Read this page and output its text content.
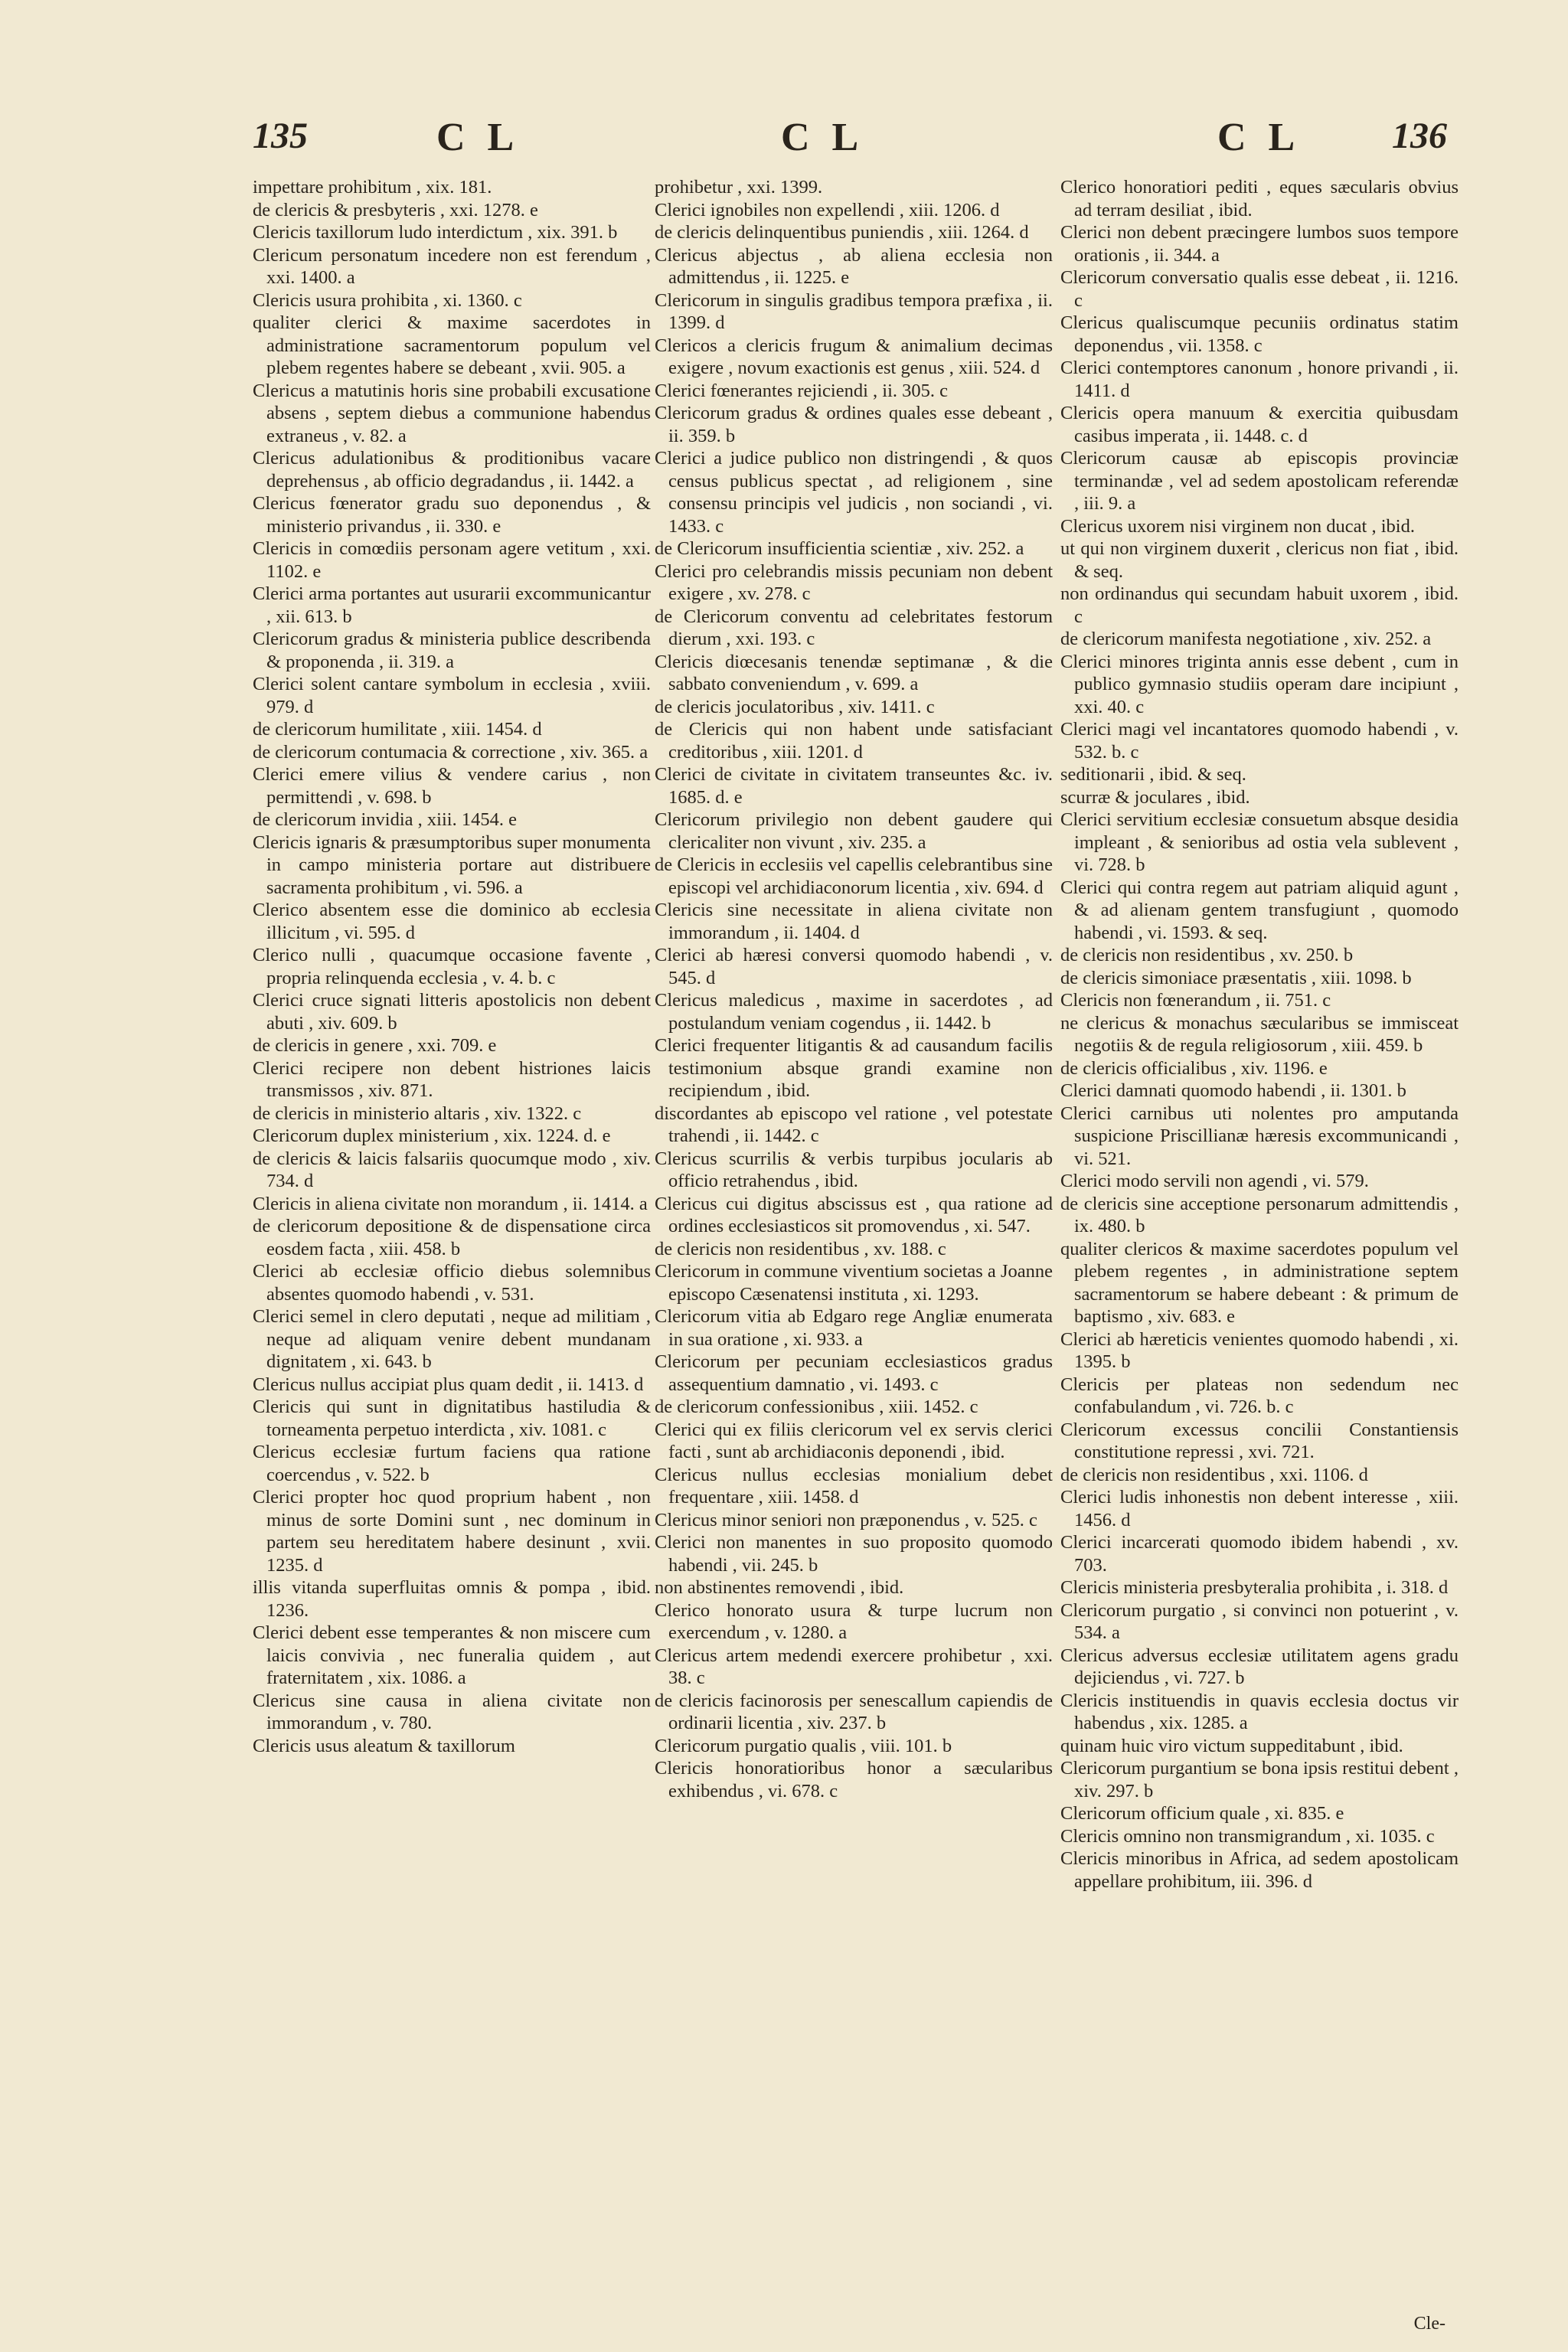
135	C L	C L	C L 136

impettare prohibitum , xix. 181.

de clericis & presbyteris , xxi. 1278. e

Clericis taxillorum ludo interdictum , xix. 391. b

Clericum personatum incedere non est ferendum , xxi. 1400. a

Clericis usura prohibita , xi. 1360. c

qualiter clerici & maxime sacerdotes in administratione sacramentorum populum vel plebem regentes habere se debeant , xvii. 905. a

Clericus a matutinis horis sine probabili excusatione absens , septem diebus a communione habendus extraneus , v. 82. a

Clericus adulationibus & proditionibus vacare deprehensus , ab officio degradandus , ii. 1442. a

Clericus fœnerator gradu suo deponendus , & ministerio privandus , ii. 330. e

Clericis in comœdiis personam agere vetitum , xxi. 1102. e

Clerici arma portantes aut usurarii excommunicantur , xii. 613. b

Clericorum gradus & ministeria publice describenda & proponenda , ii. 319. a

Clerici solent cantare symbolum in ecclesia , xviii. 979. d

de clericorum humilitate , xiii. 1454. d

de clericorum contumacia & correctione , xiv. 365. a

Clerici emere vilius & vendere carius , non permittendi , v. 698. b

de clericorum invidia , xiii. 1454. e

Clericis ignaris & præsumptoribus super monumenta in campo ministeria portare aut distribuere sacramenta prohibitum , vi. 596. a

Clerico absentem esse die dominico ab ecclesia illicitum , vi. 595. d

Clerico nulli , quacumque occasione favente , propria relinquenda ecclesia , v. 4. b. c

Clerici cruce signati litteris apostolicis non debent abuti , xiv. 609. b

de clericis in genere , xxi. 709. e

Clerici recipere non debent histriones laicis transmissos , xiv. 871.

de clericis in ministerio altaris , xiv. 1322. c

Clericorum duplex ministerium , xix. 1224. d. e

de clericis & laicis falsariis quocumque modo , xiv. 734. d

Clericis in aliena civitate non morandum , ii. 1414. a

de clericorum depositione & de dispensatione circa eosdem facta , xiii. 458. b

Clerici ab ecclesiæ officio diebus solemnibus absentes quomodo habendi , v. 531.

Clerici semel in clero deputati , neque ad militiam , neque ad aliquam venire debent mundanam dignitatem , xi. 643. b

Clericus nullus accipiat plus quam dedit , ii. 1413. d

Clericis qui sunt in dignitatibus hastiludia & torneamenta perpetuo interdicta , xiv. 1081. c

Clericus ecclesiæ furtum faciens qua ratione coercendus , v. 522. b

Clerici propter hoc quod proprium habent , non minus de sorte Domini sunt , nec dominum in partem seu hereditatem habere desinunt , xvii. 1235. d

illis vitanda superfluitas omnis & pompa , ibid. 1236.

Clerici debent esse temperantes & non miscere cum laicis convivia , nec funeralia quidem , aut fraternitatem , xix. 1086. a

Clericus sine causa in aliena civitate non immorandum , v. 780.

Clericis usus aleatum & taxillorum

prohibetur , xxi. 1399.

Clerici ignobiles non expellendi , xiii. 1206. d

de clericis delinquentibus puniendis , xiii. 1264. d

Clericus abjectus , ab aliena ecclesia non admittendus , ii. 1225. e

Clericorum in singulis gradibus tempora præfixa , ii. 1399. d

Clericos a clericis frugum & animalium decimas exigere , novum exactionis est genus , xiii. 524. d

Clerici fœnerantes rejiciendi , ii. 305. c

Clericorum gradus & ordines quales esse debeant , ii. 359. b

Clerici a judice publico non distringendi , & quos census publicus spectat , ad religionem , sine consensu principis vel judicis , non sociandi , vi. 1433. c

de Clericorum insufficientia scientiæ , xiv. 252. a

Clerici pro celebrandis missis pecuniam non debent exigere , xv. 278. c

de Clericorum conventu ad celebritates festorum dierum , xxi. 193. c

Clericis diœcesanis tenendæ septimanæ , & die sabbato conveniendum , v. 699. a

de clericis joculatoribus , xiv. 1411. c

de Clericis qui non habent unde satisfaciant creditoribus , xiii. 1201. d

Clerici de civitate in civitatem transeuntes &c. iv. 1685. d. e

Clericorum privilegio non debent gaudere qui clericaliter non vivunt , xiv. 235. a

de Clericis in ecclesiis vel capellis celebrantibus sine episcopi vel archidiaconorum licentia , xiv. 694. d

Clericis sine necessitate in aliena civitate non immorandum , ii. 1404. d

Clerici ab hæresi conversi quomodo habendi , v. 545. d

Clericus maledicus , maxime in sacerdotes , ad postulandum veniam cogendus , ii. 1442. b

Clerici frequenter litigantis & ad causandum facilis testimonium absque grandi examine non recipiendum , ibid.

discordantes ab episcopo vel ratione , vel potestate trahendi , ii. 1442. c

Clericus scurrilis & verbis turpibus jocularis ab officio retrahendus , ibid.

Clericus cui digitus abscissus est , qua ratione ad ordines ecclesiasticos sit promovendus , xi. 547.

de clericis non residentibus , xv. 188. c

Clericorum in commune viventium societas a Joanne episcopo Cæsenatensi instituta , xi. 1293.

Clericorum vitia ab Edgaro rege Angliæ enumerata in sua oratione , xi. 933. a

Clericorum per pecuniam ecclesiasticos gradus assequentium damnatio , vi. 1493. c

de clericorum confessionibus , xiii. 1452. c

Clerici qui ex filiis clericorum vel ex servis clerici facti , sunt ab archidiaconis deponendi , ibid.

Clericus nullus ecclesias monialium debet frequentare , xiii. 1458. d

Clericus minor seniori non præponendus , v. 525. c

Clerici non manentes in suo proposito quomodo habendi , vii. 245. b

non abstinentes removendi , ibid.

Clerico honorato usura & turpe lucrum non exercendum , v. 1280. a

Clericus artem medendi exercere prohibetur , xxi. 38. c

de clericis facinorosis per senescallum capiendis de ordinarii licentia , xiv. 237. b

Clericorum purgatio qualis , viii. 101. b

Clericis honoratioribus honor a sæcularibus exhibendus , vi. 678. c

Clerico honoratiori pediti , eques sæcularis obvius ad terram desiliat , ibid.

Clerici non debent præcingere lumbos suos tempore orationis , ii. 344. a

Clericorum conversatio qualis esse debeat , ii. 1216. c

Clericus qualiscumque pecuniis ordinatus statim deponendus , vii. 1358. c

Clerici contemptores canonum , honore privandi , ii. 1411. d

Clericis opera manuum & exercitia quibusdam casibus imperata , ii. 1448. c. d

Clericorum causæ ab episcopis provinciæ terminandæ , vel ad sedem apostolicam referendæ , iii. 9. a

Clericus uxorem nisi virginem non ducat , ibid.

ut qui non virginem duxerit , clericus non fiat , ibid. & seq.

non ordinandus qui secundam habuit uxorem , ibid. c

de clericorum manifesta negotiatione , xiv. 252. a

Clerici minores triginta annis esse debent , cum in publico gymnasio studiis operam dare incipiunt , xxi. 40. c

Clerici magi vel incantatores quomodo habendi , v. 532. b. c

seditionarii , ibid. & seq.

scurræ & joculares , ibid.

Clerici servitium ecclesiæ consuetum absque desidia impleant , & senioribus ad ostia vela sublevent , vi. 728. b

Clerici qui contra regem aut patriam aliquid agunt , & ad alienam gentem transfugiunt , quomodo habendi , vi. 1593. & seq.

de clericis non residentibus , xv. 250. b

de clericis simoniace præsentatis , xiii. 1098. b

Clericis non fœnerandum , ii. 751. c

ne clericus & monachus sæcularibus se immisceat negotiis & de regula religiosorum , xiii. 459. b

de clericis officialibus , xiv. 1196. e

Clerici damnati quomodo habendi , ii. 1301. b

Clerici carnibus uti nolentes pro amputanda suspicione Priscillianæ hæresis excommunicandi , vi. 521.

Clerici modo servili non agendi , vi. 579.

de clericis sine acceptione personarum admittendis , ix. 480. b

qualiter clericos & maxime sacerdotes populum vel plebem regentes , in administratione septem sacramentorum se habere debeant : & primum de baptismo , xiv. 683. e

Clerici ab hæreticis venientes quomodo habendi , xi. 1395. b

Clericis per plateas non sedendum nec confabulandum , vi. 726. b. c

Clericorum excessus concilii Constantiensis constitutione repressi , xvi. 721.

de clericis non residentibus , xxi. 1106. d

Clerici ludis inhonestis non debent interesse , xiii. 1456. d

Clerici incarcerati quomodo ibidem habendi , xv. 703.

Clericis ministeria presbyteralia prohibita , i. 318. d

Clericorum purgatio , si convinci non potuerint , v. 534. a

Clericus adversus ecclesiæ utilitatem agens gradu dejiciendus , vi. 727. b

Clericis instituendis in quavis ecclesia doctus vir habendus , xix. 1285. a

quinam huic viro victum suppeditabunt , ibid.

Clericorum purgantium se bona ipsis restitui debent , xiv. 297. b

Clericorum officium quale , xi. 835. e

Clericis omnino non transmigrandum , xi. 1035. c

Clericis minoribus in Africa, ad sedem apostolicam appellare prohibitum, iii. 396. d

Cle-
